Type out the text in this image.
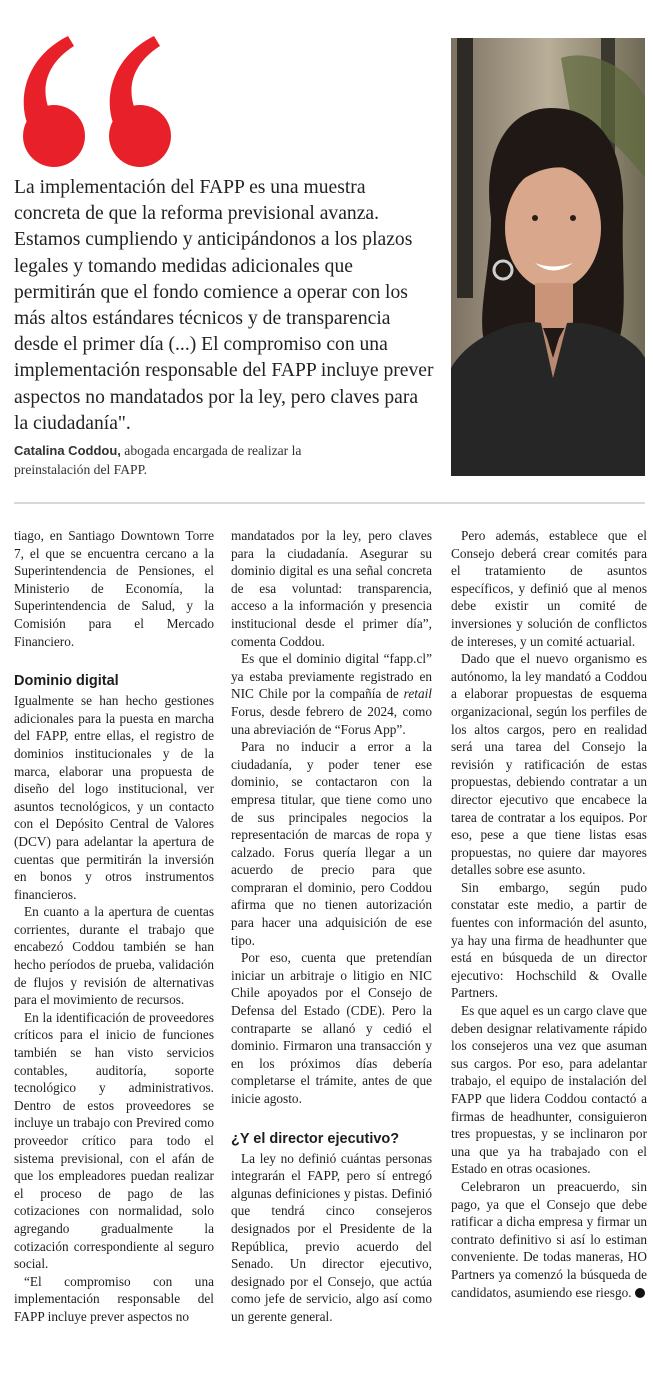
La implementación del FAPP es una muestra concreta de que la reforma previsional avanza. Estamos cumpliendo y anticipándonos a los plazos legales y tomando medidas adicionales que permitirán que el fondo comience a operar con los más altos estándares técnicos y de transparencia desde el primer día (...) El compromiso con una implementación responsable del FAPP incluye prever aspectos no mandatados por la ley, pero claves para la ciudadanía".
Catalina Coddou, abogada encargada de realizar la preinstalación del FAPP.

tiago, en Santiago Downtown Torre 7, el que se encuentra cercano a la Superintendencia de Pensiones, el Ministerio de Economía, la Superintendencia de Salud, y la Comisión para el Mercado Financiero.

Dominio digital

Igualmente se han hecho gestiones adicionales para la puesta en marcha del FAPP, entre ellas, el registro de dominios institucionales y de la marca, elaborar una propuesta de diseño del logo institucional, ver asuntos tecnológicos, y un contacto con el Depósito Central de Valores (DCV) para adelantar la apertura de cuentas que permitirán la inversión en bonos y otros instrumentos financieros.

En cuanto a la apertura de cuentas corrientes, durante el trabajo que encabezó Coddou también se han hecho períodos de prueba, validación de flujos y revisión de alternativas para el movimiento de recursos.

En la identificación de proveedores críticos para el inicio de funciones también se han visto servicios contables, auditoría, soporte tecnológico y administrativos. Dentro de estos proveedores se incluye un trabajo con Previred como proveedor crítico para todo el sistema previsional, con el afán de que los empleadores puedan realizar el proceso de pago de las cotizaciones con normalidad, solo agregando gradualmente la cotización correspondiente al seguro social.

“El compromiso con una implementación responsable del FAPP incluye prever aspectos no

mandatados por la ley, pero claves para la ciudadanía. Asegurar su dominio digital es una señal concreta de esa voluntad: transparencia, acceso a la información y presencia institucional desde el primer día”, comenta Coddou.

Es que el dominio digital “fapp.cl” ya estaba previamente registrado en NIC Chile por la compañía de retail Forus, desde febrero de 2024, como una abreviación de “Forus App”.

Para no inducir a error a la ciudadanía, y poder tener ese dominio, se contactaron con la empresa titular, que tiene como uno de sus principales negocios la representación de marcas de ropa y calzado. Forus quería llegar a un acuerdo de precio para que compraran el dominio, pero Coddou afirma que no tienen autorización para hacer una adquisición de ese tipo.

Por eso, cuenta que pretendían iniciar un arbitraje o litigio en NIC Chile apoyados por el Consejo de Defensa del Estado (CDE). Pero la contraparte se allanó y cedió el dominio. Firmaron una transacción y en los próximos días debería completarse el trámite, antes de que inicie agosto.

¿Y el director ejecutivo?

La ley no definió cuántas personas integrarán el FAPP, pero sí entregó algunas definiciones y pistas. Definió que tendrá cinco consejeros designados por el Presidente de la República, previo acuerdo del Senado. Un director ejecutivo, designado por el Consejo, que actúa como jefe de servicio, algo así como un gerente general.

Pero además, establece que el Consejo deberá crear comités para el tratamiento de asuntos específicos, y definió que al menos debe existir un comité de inversiones y solución de conflictos de intereses, y un comité actuarial.

Dado que el nuevo organismo es autónomo, la ley mandató a Coddou a elaborar propuestas de esquema organizacional, según los perfiles de los altos cargos, pero en realidad será una tarea del Consejo la revisión y ratificación de estas propuestas, debiendo contratar a un director ejecutivo que encabece la tarea de contratar a los equipos. Por eso, pese a que tiene listas esas propuestas, no quiere dar mayores detalles sobre ese asunto.

Sin embargo, según pudo constatar este medio, a partir de fuentes con información del asunto, ya hay una firma de headhunter que está en búsqueda de un director ejecutivo: Hochschild & Ovalle Partners.

Es que aquel es un cargo clave que deben designar relativamente rápido los consejeros una vez que asuman sus cargos. Por eso, para adelantar trabajo, el equipo de instalación del FAPP que lidera Coddou contactó a firmas de headhunter, consiguieron tres propuestas, y se inclinaron por una que ya ha trabajado con el Estado en otras ocasiones.

Celebraron un preacuerdo, sin pago, ya que el Consejo que debe ratificar a dicha empresa y firmar un contrato definitivo si así lo estiman conveniente. De todas maneras, HO Partners ya comenzó la búsqueda de candidatos, asumiendo ese riesgo. P
